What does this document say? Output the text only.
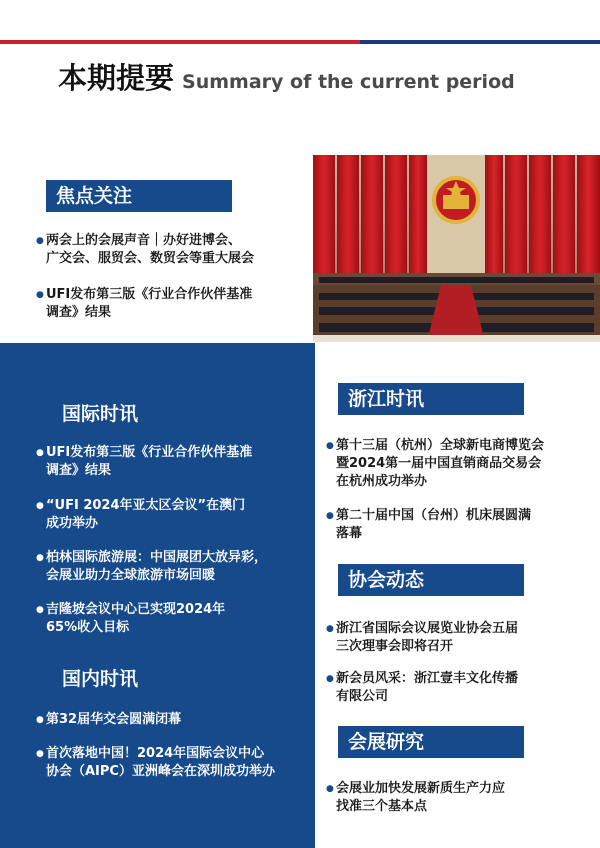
本期提要 Summary of the current period
焦点关注
● 两会上的会展声音｜办好进博会、
广交会、服贸会、数贸会等重大展会
● UFI发布第三版《行业合作伙伴基准
调查》结果
国际时讯
● UFI发布第三版《行业合作伙伴基准
调查》结果
● “UFI 2024年亚太区会议”在澳门
成功举办
● 柏林国际旅游展：中国展团大放异彩，
会展业助力全球旅游市场回暖
● 吉隆坡会议中心已实现2024年
65%收入目标
国内时讯
● 第32届华交会圆满闭幕
● 首次落地中国！2024年国际会议中心
协会（AIPC）亚洲峰会在深圳成功举办
浙江时讯
● 第十三届（杭州）全球新电商博览会
暨2024第一届中国直销商品交易会
在杭州成功举办
● 第二十届中国（台州）机床展圆满
落幕
协会动态
● 浙江省国际会议展览业协会五届
三次理事会即将召开
● 新会员风采：浙江壹丰文化传播
有限公司
会展研究
● 会展业加快发展新质生产力应
找准三个基本点
